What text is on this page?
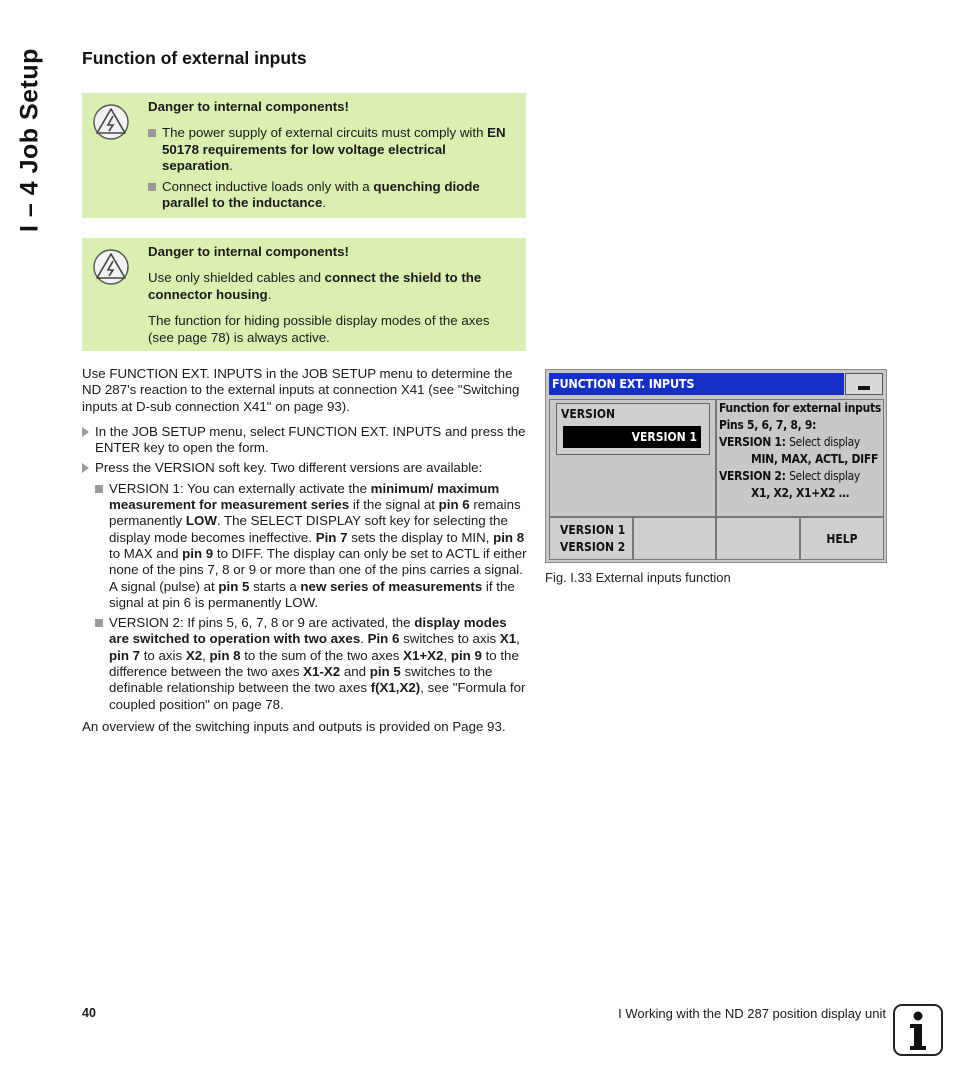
I – 4 Job Setup	Function of external inputs
Danger to internal components!
The power supply of external circuits must comply with EN 50178 requirements for low voltage electrical separation.
Connect inductive loads only with a quenching diode parallel to the inductance.
Danger to internal components!

Use only shielded cables and connect the shield to the connector housing.

The function for hiding possible display modes of the axes (see page 78) is always active.

Use FUNCTION EXT. INPUTS in the JOB SETUP menu to determine the ND 287's reaction to the external inputs at connection X41 (see "Switching inputs at D-sub connection X41" on page 93).

In the JOB SETUP menu, select FUNCTION EXT. INPUTS and press the ENTER key to open the form.
Press the VERSION soft key. Two different versions are available:
VERSION 1: You can externally activate the minimum/ maximum measurement for measurement series if the signal at pin 6 remains permanently LOW. The SELECT DISPLAY soft key for selecting the display mode becomes ineffective. Pin 7 sets the display to MIN, pin 8 to MAX and pin 9 to DIFF. The display can only be set to ACTL if either none of the pins 7, 8 or 9 or more than one of the pins carries a signal. A signal (pulse) at pin 5 starts a new series of measurements if the signal at pin 6 is permanently LOW.
VERSION 2: If pins 5, 6, 7, 8 or 9 are activated, the display modes are switched to operation with two axes. Pin 6 switches to axis X1, pin 7 to axis X2, pin 8 to the sum of the two axes X1+X2, pin 9 to the difference between the two axes X1-X2 and pin 5 switches to the definable relationship between the two axes f(X1,X2), see "Formula for coupled position" on page 78.

An overview of the switching inputs and outputs is provided on Page 93.

FUNCTION EXT. INPUTS
VERSION
VERSION 1
Function for external inputs
Pins 5, 6, 7, 8, 9:
VERSION 1: Select display
MIN, MAX, ACTL, DIFF
VERSION 2: Select display
X1, X2, X1+X2 …
VERSION 1
VERSION 2
HELP
Fig. I.33 External inputs function
40	I Working with the ND 287 position display unit
